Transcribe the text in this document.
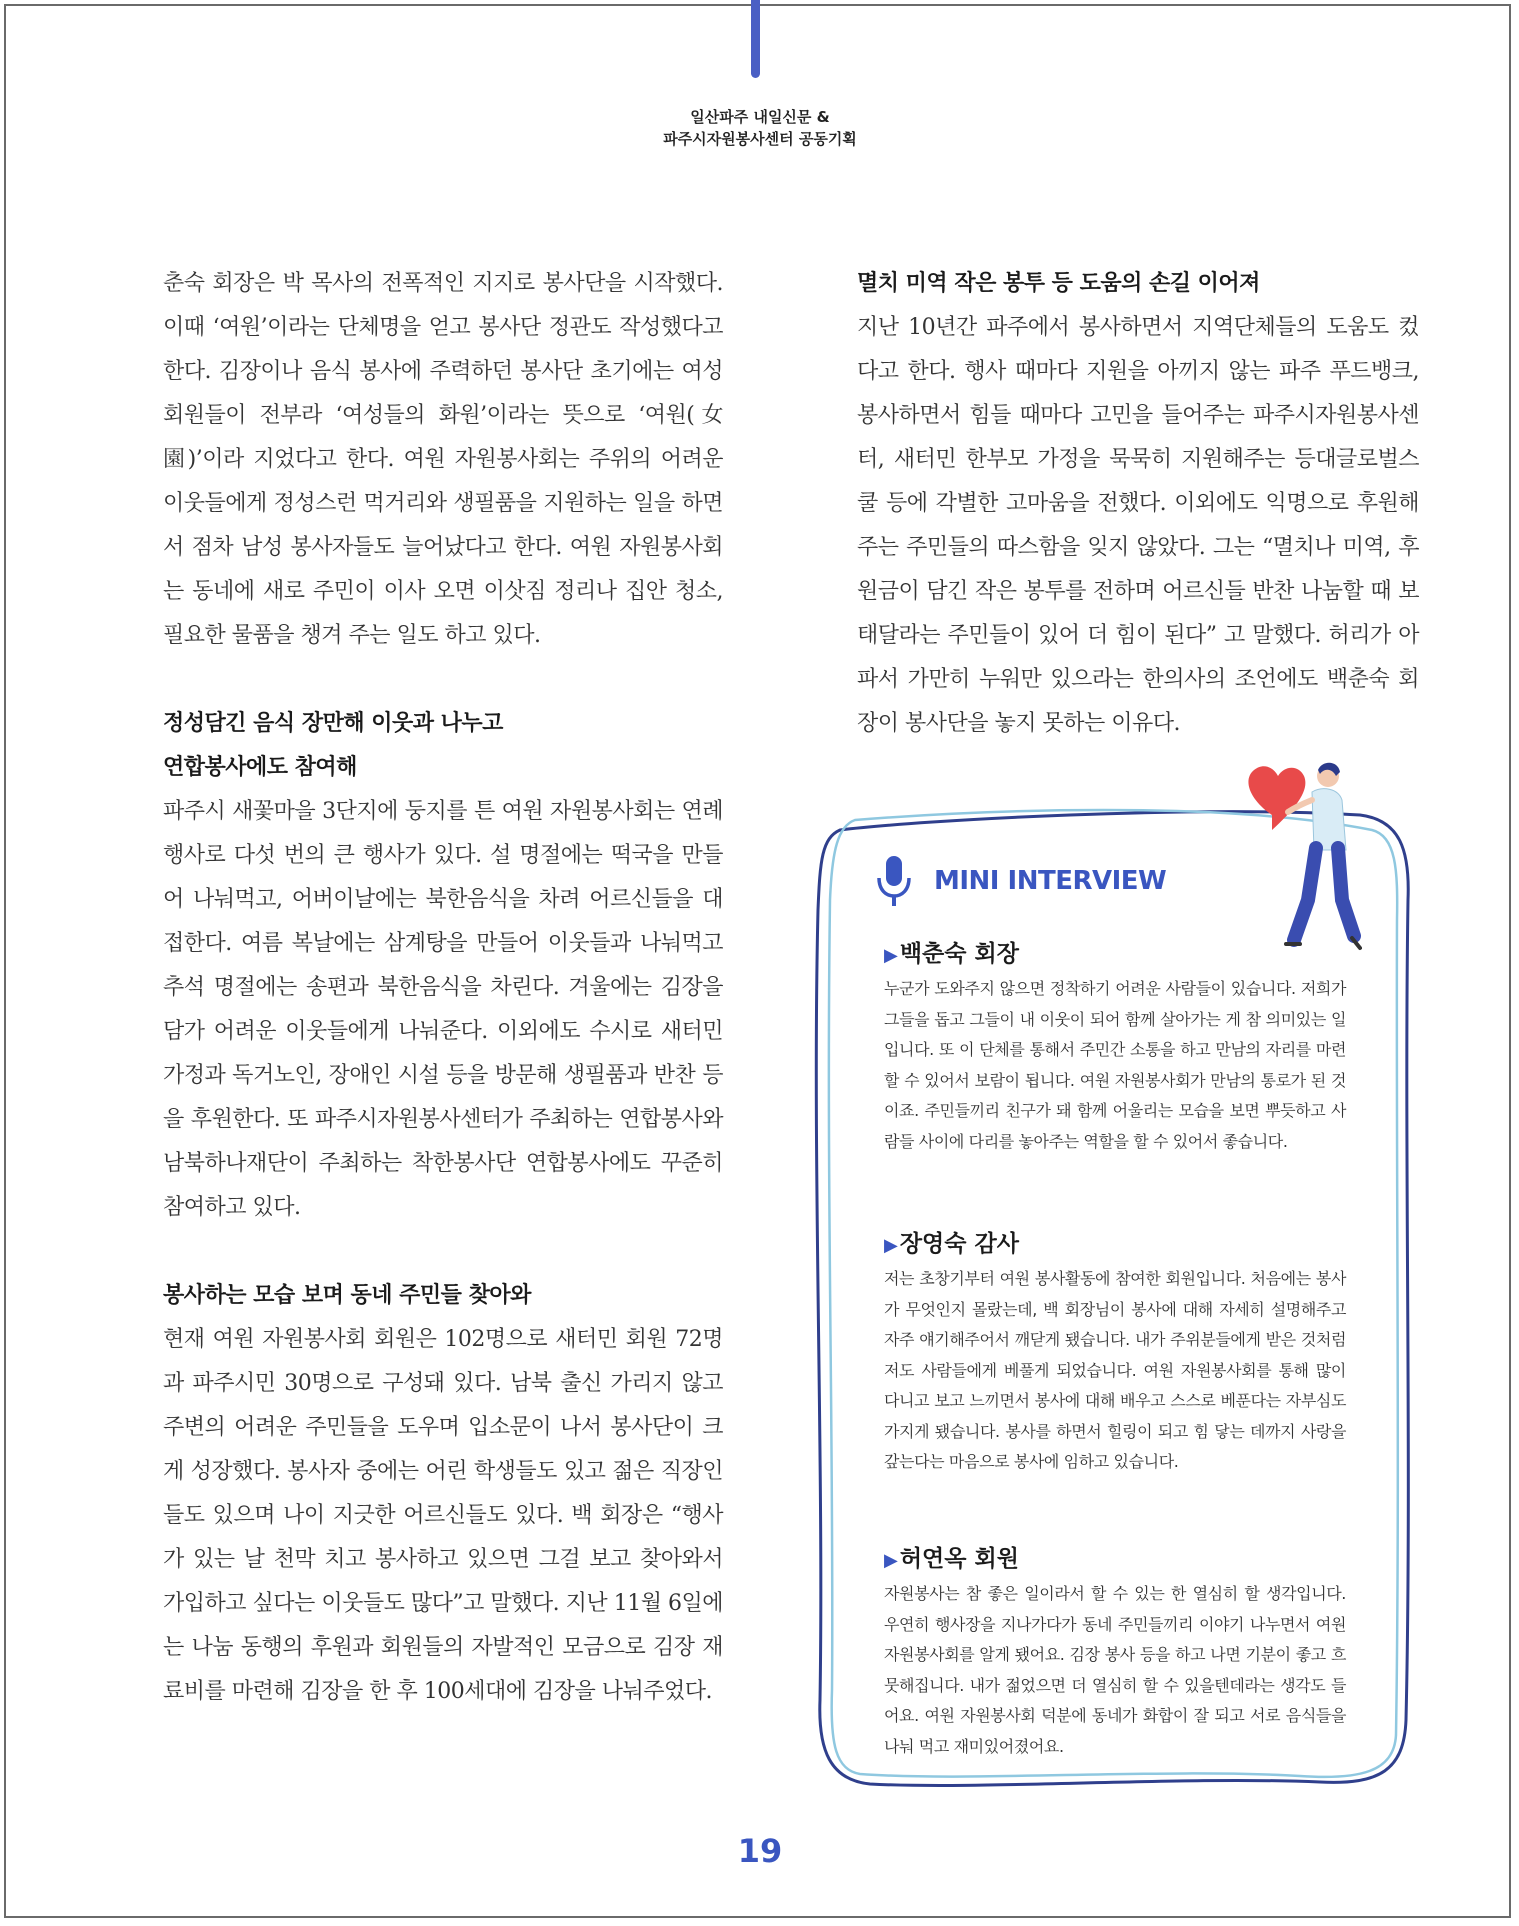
일산파주 내일신문 &
파주시자원봉사센터 공동기획

춘숙 회장은 박 목사의 전폭적인 지지로 봉사단을 시작했다. 이때 ‘여원’이라는 단체명을 얻고 봉사단 정관도 작성했다고 한다. 김장이나 음식 봉사에 주력하던 봉사단 초기에는 여성 회원들이 전부라 ‘여성들의 화원’이라는 뜻으로 ‘여원(女園)’이라 지었다고 한다. 여원 자원봉사회는 주위의 어려운 이웃들에게 정성스런 먹거리와 생필품을 지원하는 일을 하면서 점차 남성 봉사자들도 늘어났다고 한다. 여원 자원봉사회는 동네에 새로 주민이 이사 오면 이삿짐 정리나 집안 청소, 필요한 물품을 챙겨 주는 일도 하고 있다.

정성담긴 음식 장만해 이웃과 나누고
연합봉사에도 참여해

파주시 새꽃마을 3단지에 둥지를 튼 여원 자원봉사회는 연례행사로 다섯 번의 큰 행사가 있다. 설 명절에는 떡국을 만들어 나눠먹고, 어버이날에는 북한음식을 차려 어르신들을 대접한다. 여름 복날에는 삼계탕을 만들어 이웃들과 나눠먹고 추석 명절에는 송편과 북한음식을 차린다. 겨울에는 김장을 담가 어려운 이웃들에게 나눠준다. 이외에도 수시로 새터민 가정과 독거노인, 장애인 시설 등을 방문해 생필품과 반찬 등을 후원한다. 또 파주시자원봉사센터가 주최하는 연합봉사와 남북하나재단이 주최하는 착한봉사단 연합봉사에도 꾸준히 참여하고 있다.

봉사하는 모습 보며 동네 주민들 찾아와

현재 여원 자원봉사회 회원은 102명으로 새터민 회원 72명과 파주시민 30명으로 구성돼 있다. 남북 출신 가리지 않고 주변의 어려운 주민들을 도우며 입소문이 나서 봉사단이 크게 성장했다. 봉사자 중에는 어린 학생들도 있고 젊은 직장인들도 있으며 나이 지긋한 어르신들도 있다. 백 회장은 “행사가 있는 날 천막 치고 봉사하고 있으면 그걸 보고 찾아와서 가입하고 싶다는 이웃들도 많다”고 말했다. 지난 11월 6일에는 나눔 동행의 후원과 회원들의 자발적인 모금으로 김장 재료비를 마련해 김장을 한 후 100세대에 김장을 나눠주었다.

멸치 미역 작은 봉투 등 도움의 손길 이어져

지난 10년간 파주에서 봉사하면서 지역단체들의 도움도 컸다고 한다. 행사 때마다 지원을 아끼지 않는 파주 푸드뱅크, 봉사하면서 힘들 때마다 고민을 들어주는 파주시자원봉사센터, 새터민 한부모 가정을 묵묵히 지원해주는 등대글로벌스쿨 등에 각별한 고마움을 전했다. 이외에도 익명으로 후원해주는 주민들의 따스함을 잊지 않았다. 그는 “멸치나 미역, 후원금이 담긴 작은 봉투를 전하며 어르신들 반찬 나눔할 때 보태달라는 주민들이 있어 더 힘이 된다” 고 말했다. 허리가 아파서 가만히 누워만 있으라는 한의사의 조언에도 백춘숙 회장이 봉사단을 놓지 못하는 이유다.

MINI INTERVIEW

▶백춘숙 회장

누군가 도와주지 않으면 정착하기 어려운 사람들이 있습니다. 저희가 그들을 돕고 그들이 내 이웃이 되어 함께 살아가는 게 참 의미있는 일입니다. 또 이 단체를 통해서 주민간 소통을 하고 만남의 자리를 마련할 수 있어서 보람이 됩니다. 여원 자원봉사회가 만남의 통로가 된 것이죠. 주민들끼리 친구가 돼 함께 어울리는 모습을 보면 뿌듯하고 사람들 사이에 다리를 놓아주는 역할을 할 수 있어서 좋습니다.

▶장영숙 감사

저는 초창기부터 여원 봉사활동에 참여한 회원입니다. 처음에는 봉사가 무엇인지 몰랐는데, 백 회장님이 봉사에 대해 자세히 설명해주고 자주 얘기해주어서 깨닫게 됐습니다. 내가 주위분들에게 받은 것처럼 저도 사람들에게 베풀게 되었습니다. 여원 자원봉사회를 통해 많이 다니고 보고 느끼면서 봉사에 대해 배우고 스스로 베푼다는 자부심도 가지게 됐습니다. 봉사를 하면서 힐링이 되고 힘 닿는 데까지 사랑을 갚는다는 마음으로 봉사에 임하고 있습니다.

▶허연옥 회원

자원봉사는 참 좋은 일이라서 할 수 있는 한 열심히 할 생각입니다. 우연히 행사장을 지나가다가 동네 주민들끼리 이야기 나누면서 여원 자원봉사회를 알게 됐어요. 김장 봉사 등을 하고 나면 기분이 좋고 흐뭇해집니다. 내가 젊었으면 더 열심히 할 수 있을텐데라는 생각도 들어요. 여원 자원봉사회 덕분에 동네가 화합이 잘 되고 서로 음식들을 나눠 먹고 재미있어졌어요.

19
